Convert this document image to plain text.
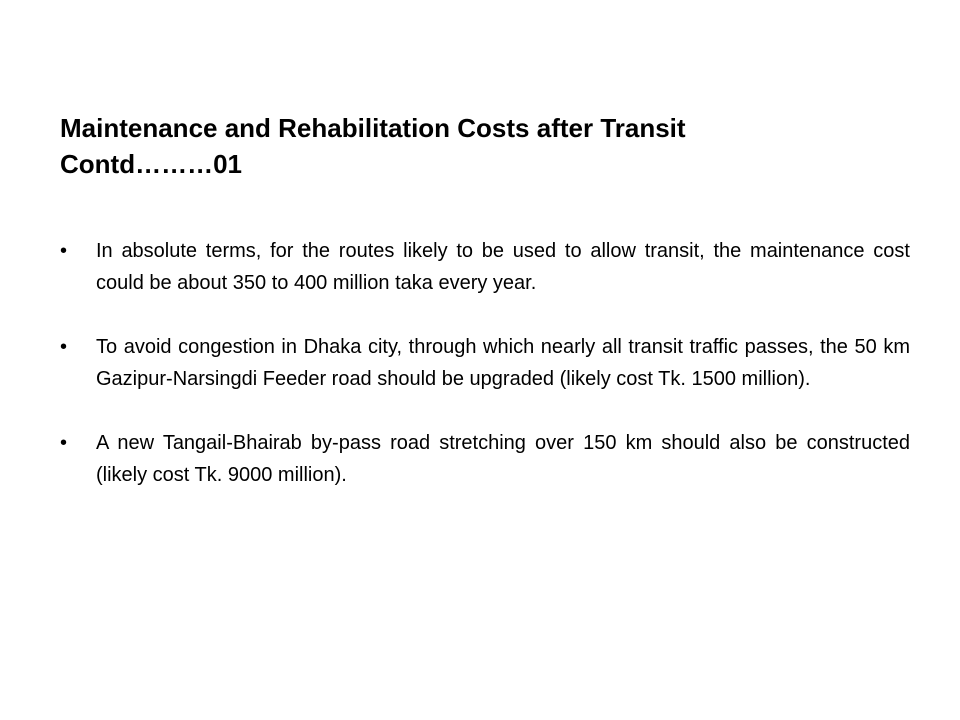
Maintenance and Rehabilitation Costs after Transit
Contd………01
•	In absolute terms, for the routes likely to be used to allow transit, the maintenance cost could be about 350 to 400 million taka every year.
•	To avoid congestion in Dhaka city, through which nearly all transit traffic passes, the 50 km Gazipur-Narsingdi Feeder road should be upgraded (likely cost Tk. 1500 million).
•	A new Tangail-Bhairab by-pass road stretching over 150 km should also be constructed (likely cost Tk. 9000 million).
